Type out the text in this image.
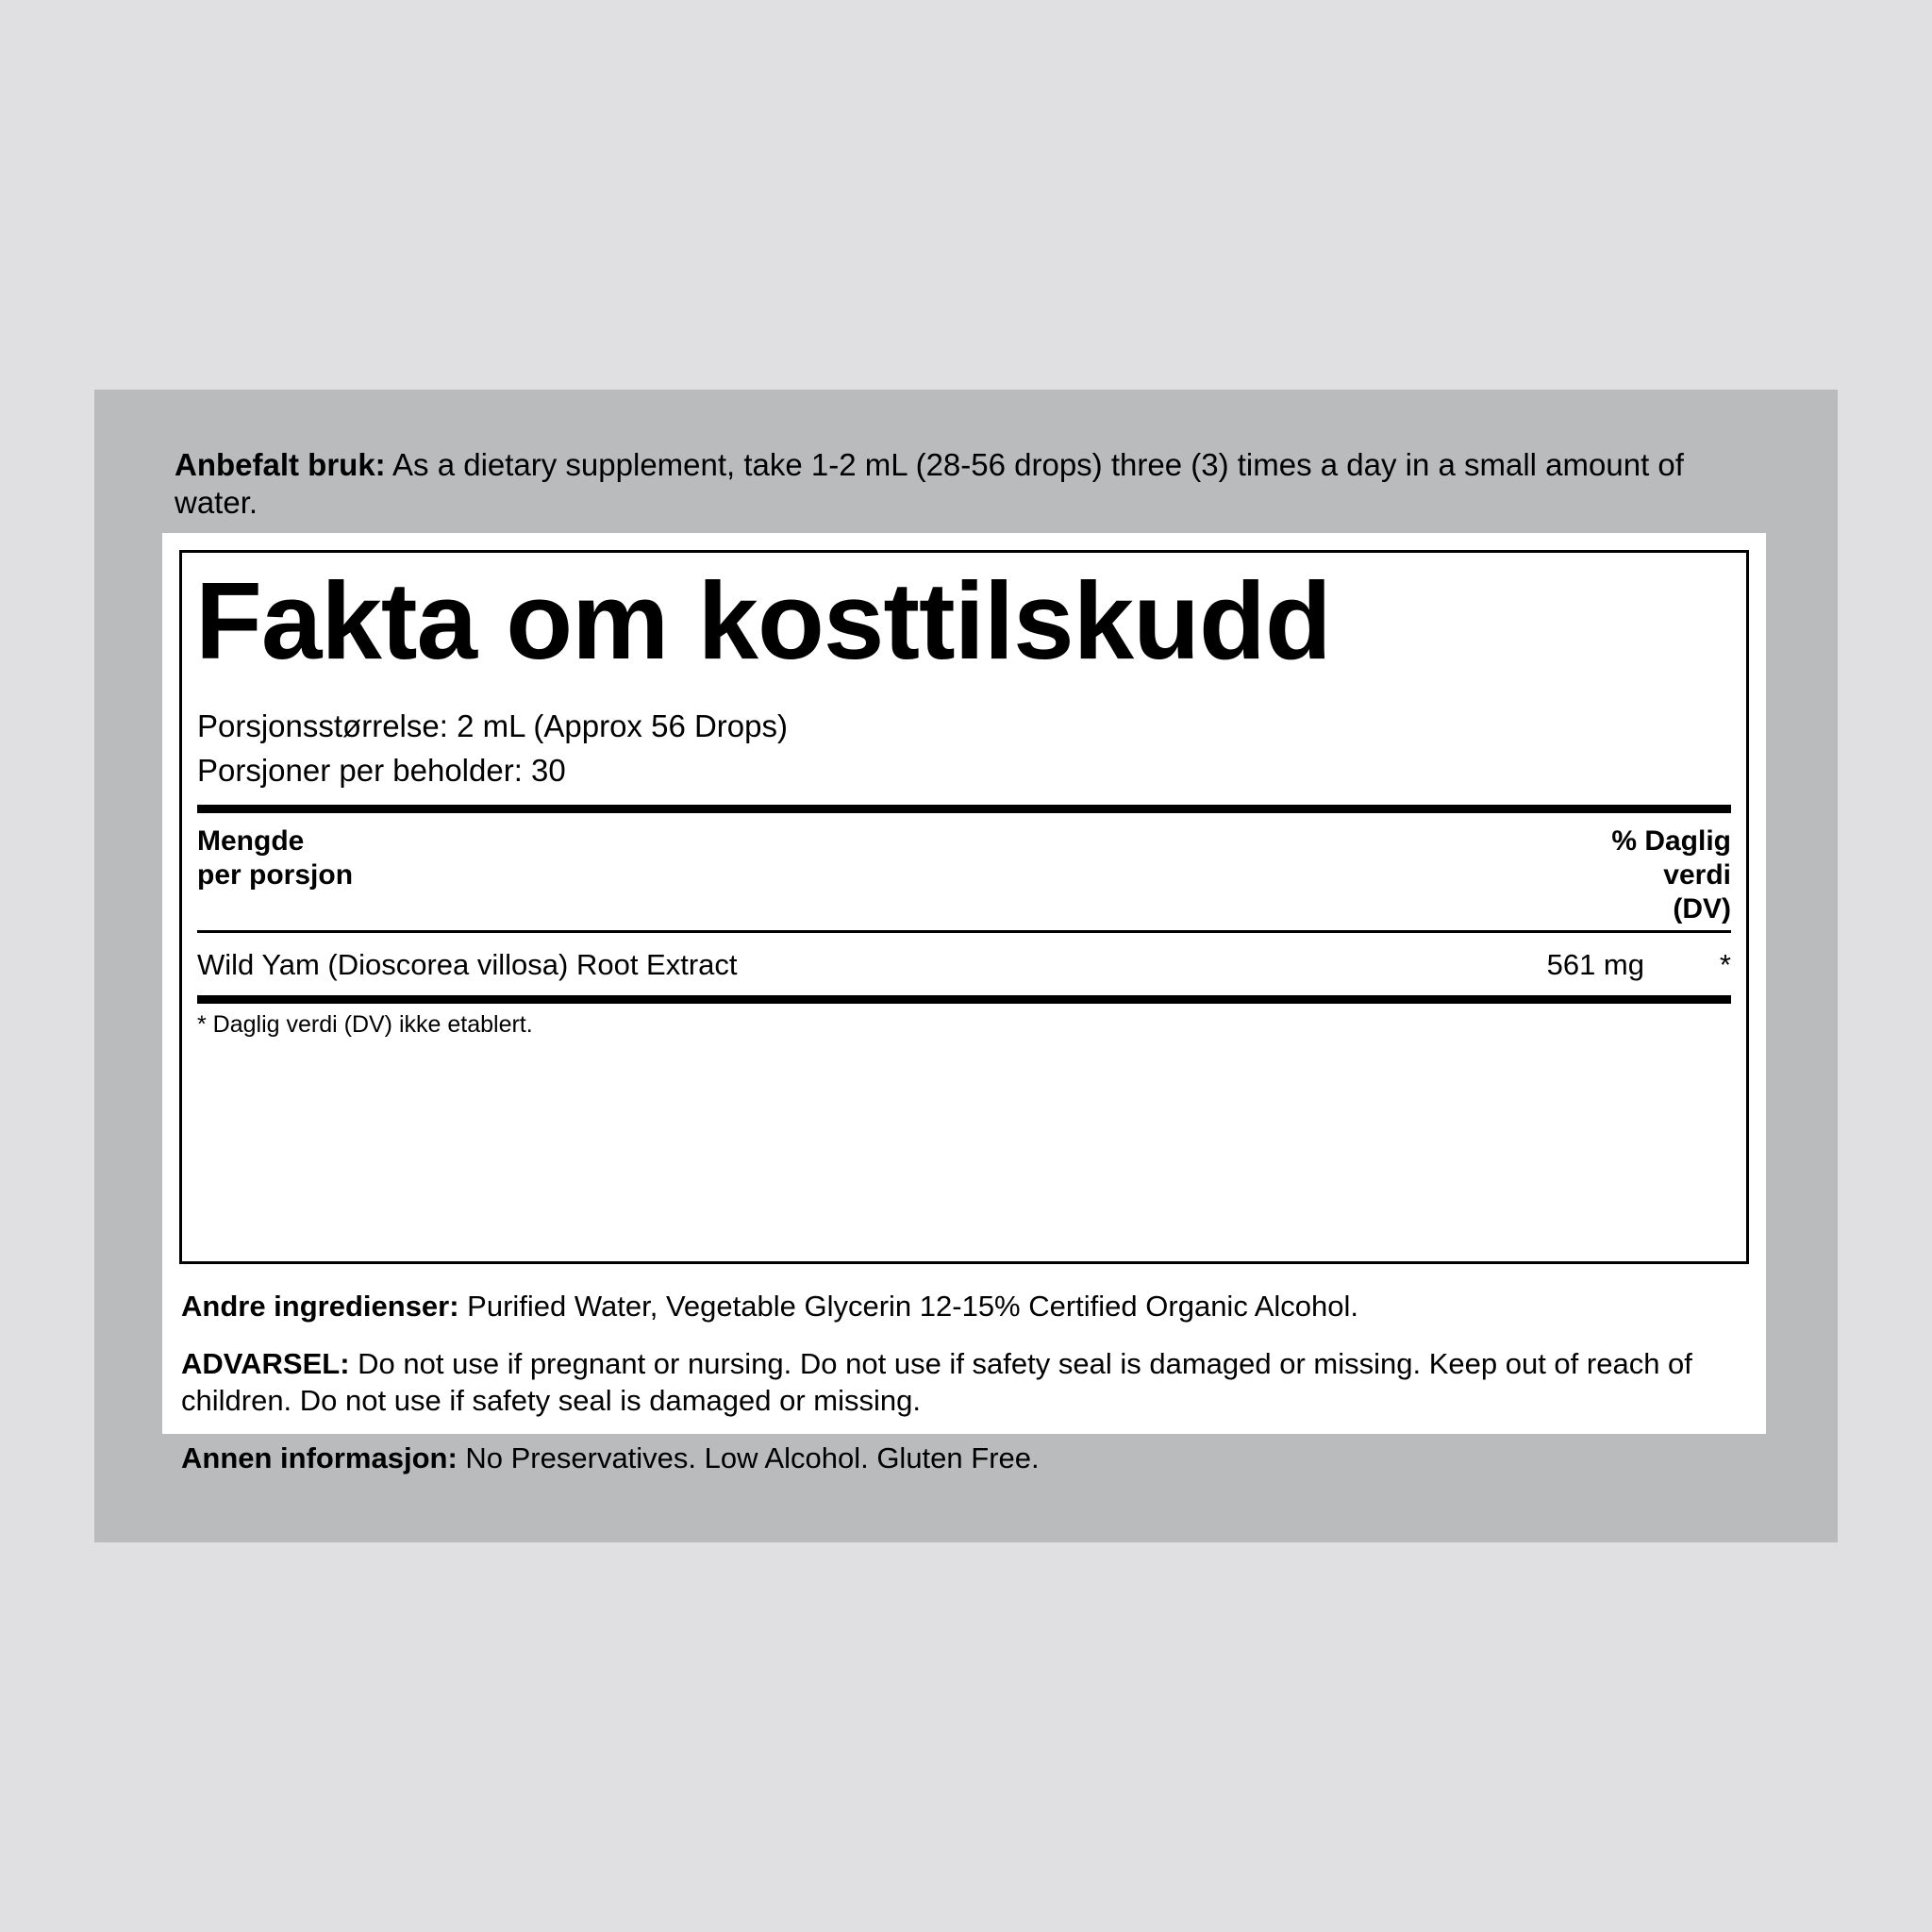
Anbefalt bruk: As a dietary supplement, take 1-2 mL (28-56 drops) three (3) times a day in a small amount of water.
Fakta om kosttilskudd
Porsjonsstørrelse: 2 mL (Approx 56 Drops)
Porsjoner per beholder: 30
Mengde
per porsjon
% Daglig
verdi
(DV)
Wild Yam (Dioscorea villosa) Root Extract	561 mg	*
* Daglig verdi (DV) ikke etablert.
Andre ingredienser: Purified Water, Vegetable Glycerin 12-15% Certified Organic Alcohol.
ADVARSEL: Do not use if pregnant or nursing. Do not use if safety seal is damaged or missing. Keep out of reach of children. Do not use if safety seal is damaged or missing.
Annen informasjon: No Preservatives. Low Alcohol. Gluten Free.
